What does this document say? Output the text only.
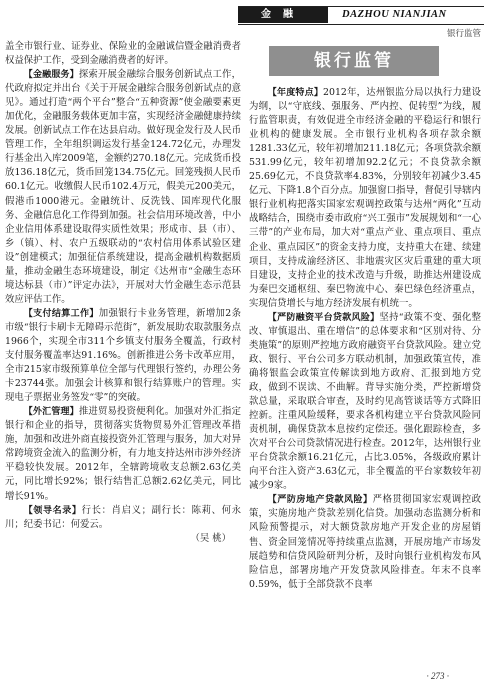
金融	DAZHOU NIANJIAN
银行监管

盖全市银行业、证券业、保险业的金融诚信暨金融消费者权益保护工作，受到金融消费者的好评。

【金融服务】探索开展金融综合服务创新试点工作，代政府拟定并出台《关于开展金融综合服务创新试点的意见》。通过打造“两个平台”整合“五种资源”使金融要素更加优化，金融服务载体更加丰富，实现经济金融健康持续发展。创新试点工作在达县启动。做好现金发行及人民币管理工作，全年组织调运发行基金124.72亿元，办理发行基金出入库2009笔，金额约270.18亿元。完成货币投放136.18亿元，货币回笼134.75亿元。回笼残损人民币60.1亿元。收缴假人民币102.4万元，假美元200美元，假港币1000港元。金融统计、反洗钱、国库现代化服务、金融信息化工作得到加强。社会信用环境改善，中小企业信用体系建设取得实质性效果；形成市、县（市）、乡（镇）、村、农户五级联动的“农村信用体系试验区建设”创建模式；加强征信系统建设，提高金融机构数据质量，推动金融生态环境建设，制定《达州市“金融生态环境达标县（市）”评定办法》，开展对大竹金融生态示范县效应评估工作。

【支付结算工作】加强银行卡业务管理，新增加2条市级“银行卡刷卡无障碍示范街”，新发展助农取款服务点1966个，实现全市311个乡镇支付服务全覆盖，行政村支付服务覆盖率达91.16%。创新推进公务卡改革应用，全市215家市级预算单位全部与代理银行签约，办理公务卡23744张。加强会计核算和银行结算账户的管理。实现电子票据业务签发“零”的突破。

【外汇管理】推进贸易投资便利化。加强对外汇指定银行和企业的指导，贯彻落实货物贸易外汇管理改革措施，加强和改进外商直接投资外汇管理与服务，加大对异常跨境资金流入的监测分析，有力地支持达州市涉外经济平稳较快发展。2012年，全辖跨境收支总额2.63亿美元，同比增长92%；银行结售汇总额2.62亿美元，同比增长91%。

【领导名录】行长：肖启义；副行长：陈莉、何永川；纪委书记：何爱云。

（吴 桃）

银行监管

【年度特点】2012年，达州银监分局以执行力建设为纲，以“守底线、强服务、严内控、促转型”为线，履行监管职责，有效促进全市经济金融的平稳运行和银行业机构的健康发展。全市银行业机构各项存款余额1281.33亿元，较年初增加211.18亿元；各项贷款余额531.99亿元，较年初增加92.2亿元；不良贷款余额25.69亿元，不良贷款率4.83%，分别较年初减少3.45亿元、下降1.8个百分点。加强窗口指导，督促引导辖内银行业机构把落实国家宏观调控政策与达州“两化”互动战略结合，围绕市委市政府“兴工强市”发展规划和“一心三带”的产业布局，加大对“重点产业、重点项目、重点企业、重点园区”的资金支持力度，支持重大在建、续建项目，支持成渝经济区、非地震灾区灾后重建的重大项目建设，支持企业的技术改造与升级，助推达州建设成为秦巴交通枢纽、秦巴物流中心、秦巴绿色经济重点，实现信贷增长与地方经济发展有机统一。

【严防融资平台贷款风险】坚持“政策不变、强化整改、审慎退出、重在增信”的总体要求和“区别对待、分类施策”的原则严控地方政府融资平台贷款风险。建立党政、银行、平台公司多方联动机制，加强政策宣传，准确将银监会政策宣传解读到地方政府、汇报到地方党政，做到不误读、不曲解。背导实施分类，严控新增贷款总量，采取联合审查，及时约见高管谈话等方式降旧控新。注重风险缓释，要求各机构建立平台贷款风险同责机制，确保贷款本息按约定偿还。强化跟踪检查，多次对平台公司贷款情况进行检查。2012年，达州银行业平台贷款余额16.21亿元，占比3.05%，各级政府累计向平台注入资产3.63亿元，非全覆盖的平台家数较年初减少9家。

【严防房地产贷款风险】严格贯彻国家宏观调控政策，实施房地产贷款差别化信贷。加强动态监测分析和风险预警提示，对大额贷款房地产开发企业的房屋销售、资金回笼情况等持续重点监测，开展房地产市场发展趋势和信贷风险研判分析，及时向银行业机构发布风险信息，部署房地产开发贷款风险排查。年末不良率0.59%，低于全部贷款不良率

· 273 ·
